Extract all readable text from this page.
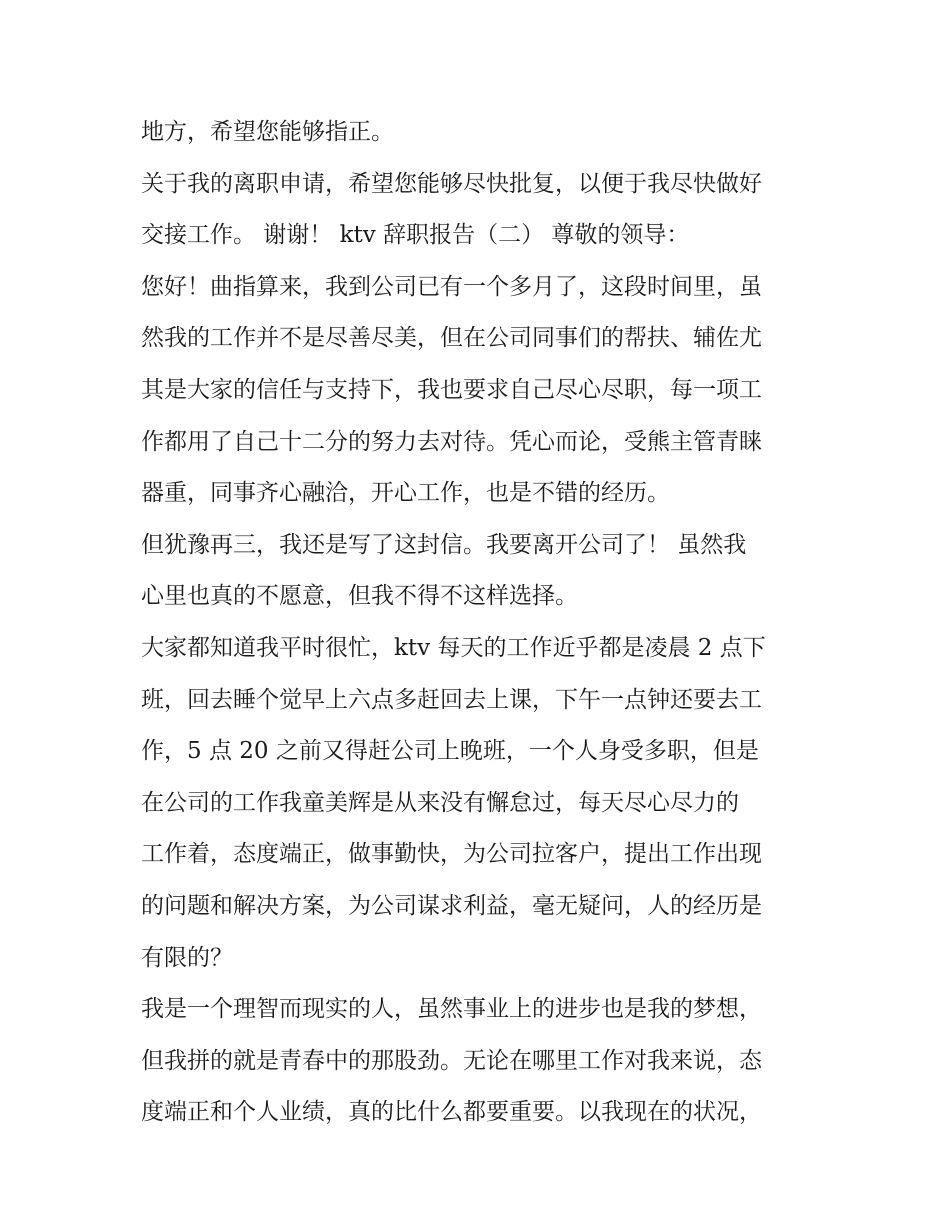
地方，希望您能够指正。
关于我的离职申请，希望您能够尽快批复，以便于我尽快做好
交接工作。 谢谢！ ktv 辞职报告（二） 尊敬的领导：
您好！曲指算来，我到公司已有一个多月了，这段时间里，虽
然我的工作并不是尽善尽美，但在公司同事们的帮扶、辅佐尤
其是大家的信任与支持下，我也要求自己尽心尽职，每一项工
作都用了自己十二分的努力去对待。凭心而论，受熊主管青睐
器重，同事齐心融洽，开心工作，也是不错的经历。
但犹豫再三，我还是写了这封信。我要离开公司了！ 虽然我
心里也真的不愿意，但我不得不这样选择。
大家都知道我平时很忙，ktv 每天的工作近乎都是凌晨 2 点下
班，回去睡个觉早上六点多赶回去上课，下午一点钟还要去工
作，5 点 20 之前又得赶公司上晚班，一个人身受多职，但是
在公司的工作我童美辉是从来没有懈怠过，每天尽心尽力的
工作着，态度端正，做事勤快，为公司拉客户，提出工作出现
的问题和解决方案，为公司谋求利益，毫无疑问，人的经历是
有限的？
我是一个理智而现实的人，虽然事业上的进步也是我的梦想，
但我拼的就是青春中的那股劲。无论在哪里工作对我来说，态
度端正和个人业绩，真的比什么都要重要。以我现在的状况，
